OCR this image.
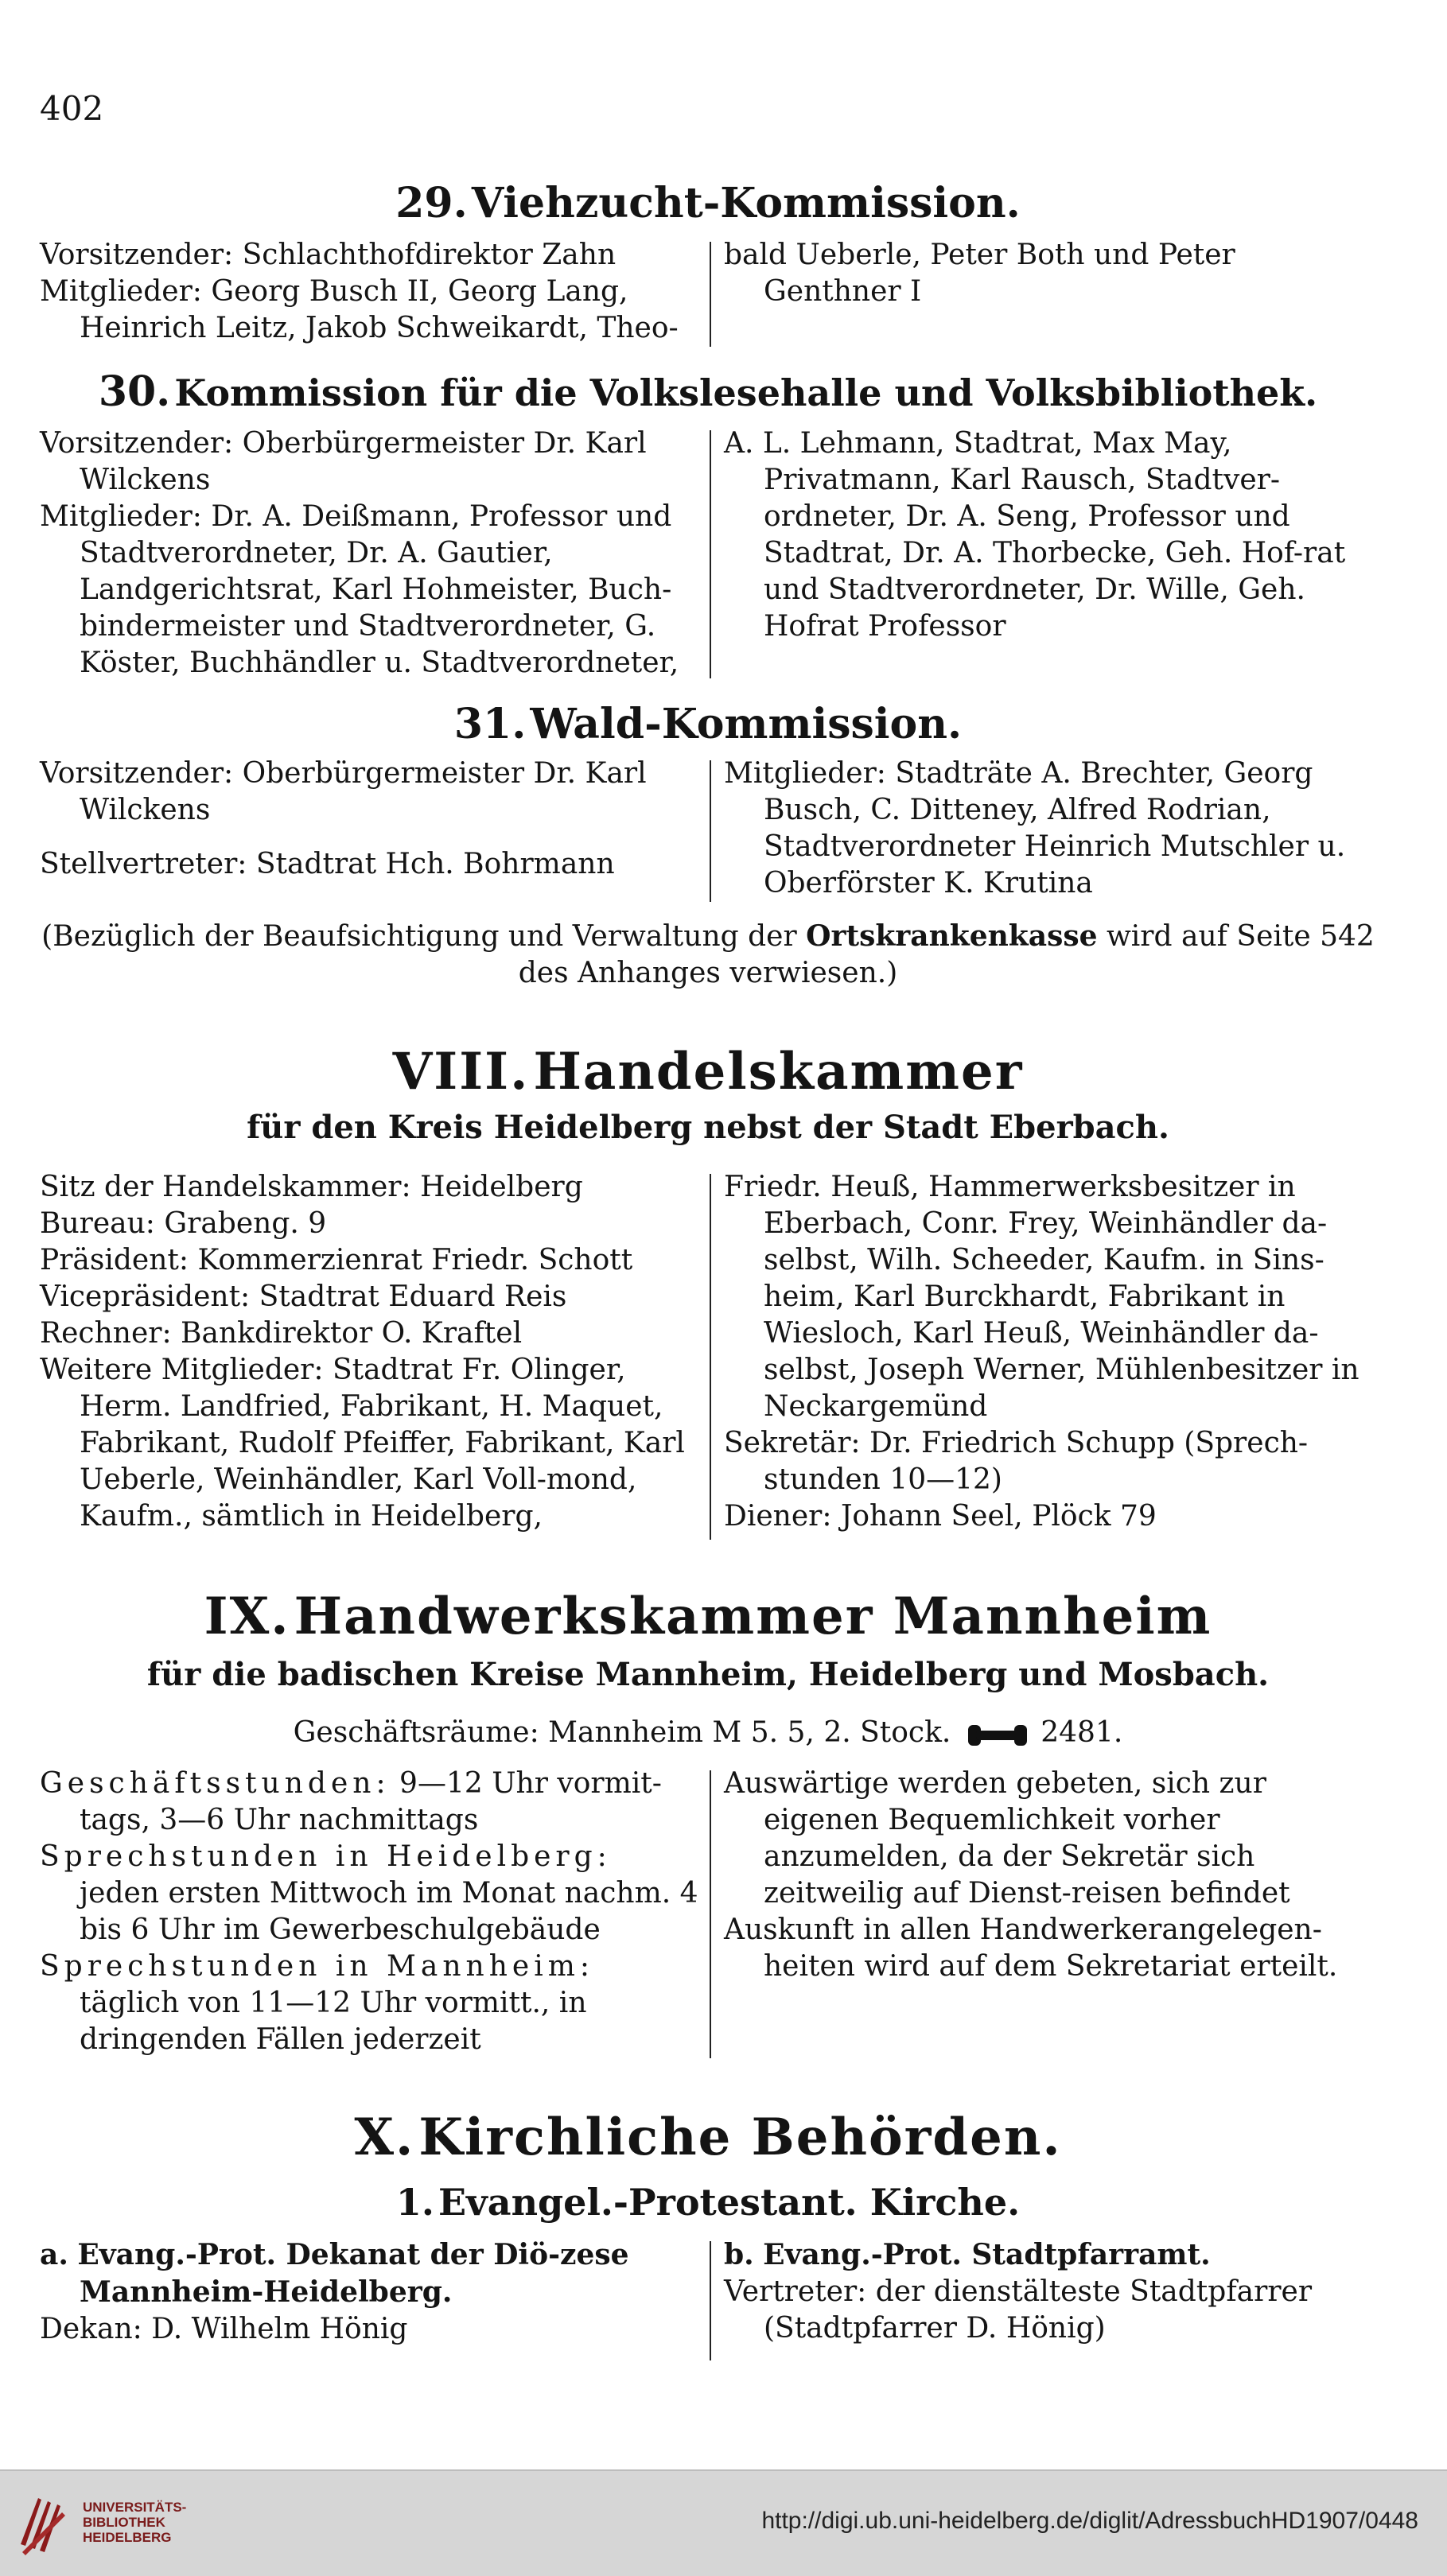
402
29. Viehzucht-Kommission.

Vorsitzender: Schlachthofdirektor Zahn

Mitglieder: Georg Busch II, Georg Lang, Heinrich Leitz, Jakob Schweikardt, Theo-

bald Ueberle, Peter Both und Peter Genthner I

30. Kommission für die Volkslesehalle und Volksbibliothek.

Vorsitzender: Oberbürgermeister Dr. Karl Wilckens

Mitglieder: Dr. A. Deißmann, Professor und Stadtverordneter, Dr. A. Gautier, Landgerichtsrat, Karl Hohmeister, Buch-bindermeister und Stadtverordneter, G. Köster, Buchhändler u. Stadtverordneter,

A. L. Lehmann, Stadtrat, Max May, Privatmann, Karl Rausch, Stadtver-ordneter, Dr. A. Seng, Professor und Stadtrat, Dr. A. Thorbecke, Geh. Hof-rat und Stadtverordneter, Dr. Wille, Geh. Hofrat Professor

31. Wald-Kommission.

Vorsitzender: Oberbürgermeister Dr. Karl Wilckens

Stellvertreter: Stadtrat Hch. Bohrmann

Mitglieder: Stadträte A. Brechter, Georg Busch, C. Ditteney, Alfred Rodrian, Stadtverordneter Heinrich Mutschler u. Oberförster K. Krutina

(Bezüglich der Beaufsichtigung und Verwaltung der Ortskrankenkasse wird auf Seite 542 des Anhanges verwiesen.)
VIII. Handelskammer
für den Kreis Heidelberg nebst der Stadt Eberbach.

Sitz der Handelskammer: Heidelberg

Bureau: Grabeng. 9

Präsident: Kommerzienrat Friedr. Schott

Vicepräsident: Stadtrat Eduard Reis

Rechner: Bankdirektor O. Kraftel

Weitere Mitglieder: Stadtrat Fr. Olinger, Herm. Landfried, Fabrikant, H. Maquet, Fabrikant, Rudolf Pfeiffer, Fabrikant, Karl Ueberle, Weinhändler, Karl Voll-mond, Kaufm., sämtlich in Heidelberg,

Friedr. Heuß, Hammerwerksbesitzer in Eberbach, Conr. Frey, Weinhändler da-selbst, Wilh. Scheeder, Kaufm. in Sins-heim, Karl Burckhardt, Fabrikant in Wiesloch, Karl Heuß, Weinhändler da-selbst, Joseph Werner, Mühlenbesitzer in Neckargemünd

Sekretär: Dr. Friedrich Schupp (Sprech-stunden 10—12)

Diener: Johann Seel, Plöck 79

IX. Handwerkskammer Mannheim
für die badischen Kreise Mannheim, Heidelberg und Mosbach.
Geschäftsräume: Mannheim M 5. 5, 2. Stock.	2481.

Geschäftsstunden: 9—12 Uhr vormit-tags, 3—6 Uhr nachmittags

Sprechstunden in Heidelberg: jeden ersten Mittwoch im Monat nachm. 4 bis 6 Uhr im Gewerbeschulgebäude

Sprechstunden in Mannheim: täglich von 11—12 Uhr vormitt., in dringenden Fällen jederzeit

Auswärtige werden gebeten, sich zur eigenen Bequemlichkeit vorher anzumelden, da der Sekretär sich zeitweilig auf Dienst-reisen befindet

Auskunft in allen Handwerkerangelegen-heiten wird auf dem Sekretariat erteilt.

X. Kirchliche Behörden.
1. Evangel.-Protestant. Kirche.

a. Evang.-Prot. Dekanat der Diö-zese Mannheim-Heidelberg.

Dekan: D. Wilhelm Hönig

b. Evang.-Prot. Stadtpfarramt.

Vertreter: der dienstälteste Stadtpfarrer (Stadtpfarrer D. Hönig)

UNIVERSITÄTS-
BIBLIOTHEK
HEIDELBERG
http://digi.ub.uni-heidelberg.de/diglit/AdressbuchHD1907/0448
